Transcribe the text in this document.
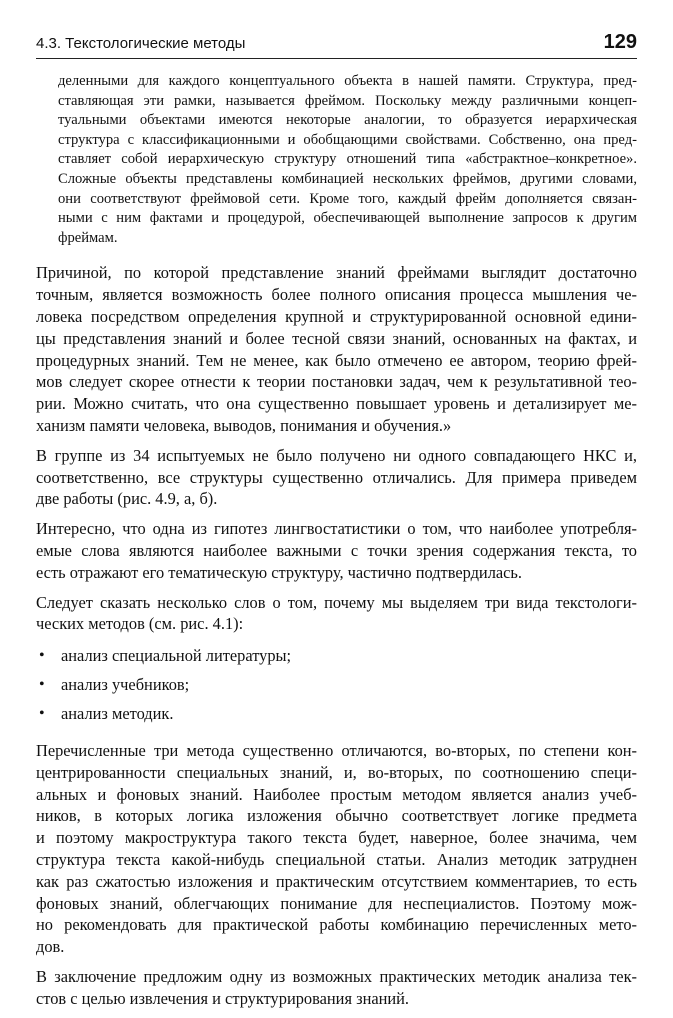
4.3. Текстологические методы	129
деленными для каждого концептуального объекта в нашей памяти. Структура, пред-
ставляющая эти рамки, называется фреймом. Поскольку между различными концеп-
туальными объектами имеются некоторые аналогии, то образуется иерархическая
структура с классификационными и обобщающими свойствами. Собственно, она пред-
ставляет собой иерархическую структуру отношений типа «абстрактное–конкретное».
Сложные объекты представлены комбинацией нескольких фреймов, другими словами,
они соответствуют фреймовой сети. Кроме того, каждый фрейм дополняется связан-
ными с ним фактами и процедурой, обеспечивающей выполнение запросов к другим
фреймам.
Причиной, по которой представление знаний фреймами выглядит достаточно
точным, является возможность более полного описания процесса мышления че-
ловека посредством определения крупной и структурированной основной едини-
цы представления знаний и более тесной связи знаний, основанных на фактах, и
процедурных знаний. Тем не менее, как было отмечено ее автором, теорию фрей-
мов следует скорее отнести к теории постановки задач, чем к результативной тео-
рии. Можно считать, что она существенно повышает уровень и детализирует ме-
ханизм памяти человека, выводов, понимания и обучения.»
В группе из 34 испытуемых не было получено ни одного совпадающего НКС и,
соответственно, все структуры существенно отличались. Для примера приведем
две работы (рис. 4.9, а, б).
Интересно, что одна из гипотез лингвостатистики о том, что наиболее употребля-
емые слова являются наиболее важными с точки зрения содержания текста, то
есть отражают его тематическую структуру, частично подтвердилась.
Следует сказать несколько слов о том, почему мы выделяем три вида текстологи-
ческих методов (см. рис. 4.1):
• анализ специальной литературы;
• анализ учебников;
• анализ методик.
Перечисленные три метода существенно отличаются, во-вторых, по степени кон-
центрированности специальных знаний, и, во-вторых, по соотношению специ-
альных и фоновых знаний. Наиболее простым методом является анализ учеб-
ников, в которых логика изложения обычно соответствует логике предмета
и поэтому макроструктура такого текста будет, наверное, более значима, чем
структура текста какой-нибудь специальной статьи. Анализ методик затруднен
как раз сжатостью изложения и практическим отсутствием комментариев, то есть
фоновых знаний, облегчающих понимание для неспециалистов. Поэтому мож-
но рекомендовать для практической работы комбинацию перечисленных мето-
дов.
В заключение предложим одну из возможных практических методик анализа тек-
стов с целью извлечения и структурирования знаний.
